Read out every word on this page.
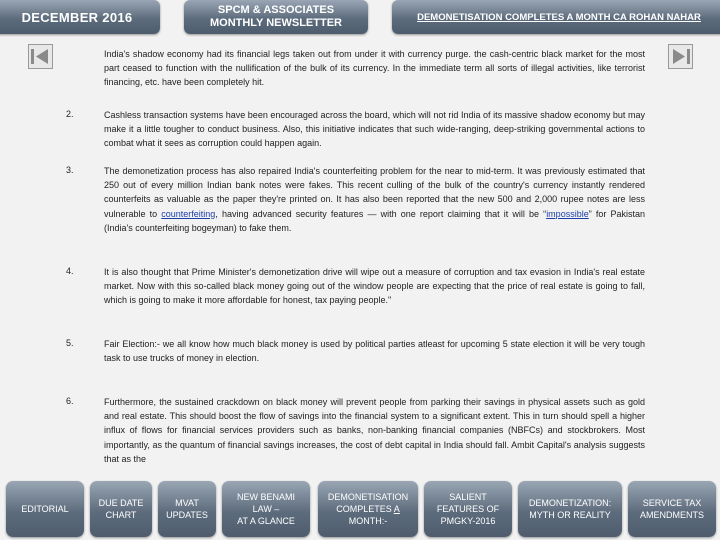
DECEMBER 2016	SPCM & ASSOCIATES
MONTHLY NEWSLETTER	DEMONETISATION COMPLETES A MONTH CA ROHAN NAHAR

India's shadow economy had its financial legs taken out from under it with currency purge. the cash-centric black market for the most part ceased to function with the nullification of the bulk of its currency. In the immediate term all sorts of illegal activities, like terrorist financing, etc. have been completely hit.

2.	Cashless transaction systems have been encouraged across the board, which will not rid India of its massive shadow economy but may make it a little tougher to conduct business. Also, this initiative indicates that such wide-ranging, deep-striking governmental actions to combat what it sees as corruption could happen again.

3.	The demonetization process has also repaired India's counterfeiting problem for the near to mid-term. It was previously estimated that 250 out of every million Indian bank notes were fakes. This recent culling of the bulk of the country's currency instantly rendered counterfeits as valuable as the paper they're printed on. It has also been reported that the new 500 and 2,000 rupee notes are less vulnerable to counterfeiting, having advanced security features — with one report claiming that it will be “impossible” for Pakistan (India's counterfeiting bogeyman) to fake them.

4.	It is also thought that Prime Minister's demonetization drive will wipe out a measure of corruption and tax evasion in India's real estate market. Now with this so-called black money going out of the window people are expecting that the price of real estate is going to fall, which is going to make it more affordable for honest, tax paying people."

5.	Fair Election:- we all know how much black money is used by political parties atleast for upcoming 5 state election it will be very tough task to use trucks of money in election.

6.	Furthermore, the sustained crackdown on black money will prevent people from parking their savings in physical assets such as gold and real estate. This should boost the flow of savings into the financial system to a significant extent. This in turn should spell a higher influx of flows for financial services providers such as banks, non-banking financial companies (NBFCs) and stockbrokers. Most importantly, as the quantum of financial savings increases, the cost of debt capital in India should fall. Ambit Capital's analysis suggests that as the

EDITORIAL
DUE DATE
CHART
MVAT
UPDATES
NEW BENAMI
LAW –
AT A GLANCE
DEMONETISATION
COMPLETES A
MONTH:-
SALIENT
FEATURES OF
PMGKY-2016
DEMONETIZATION:
MYTH OR REALITY
SERVICE TAX
AMENDMENTS
